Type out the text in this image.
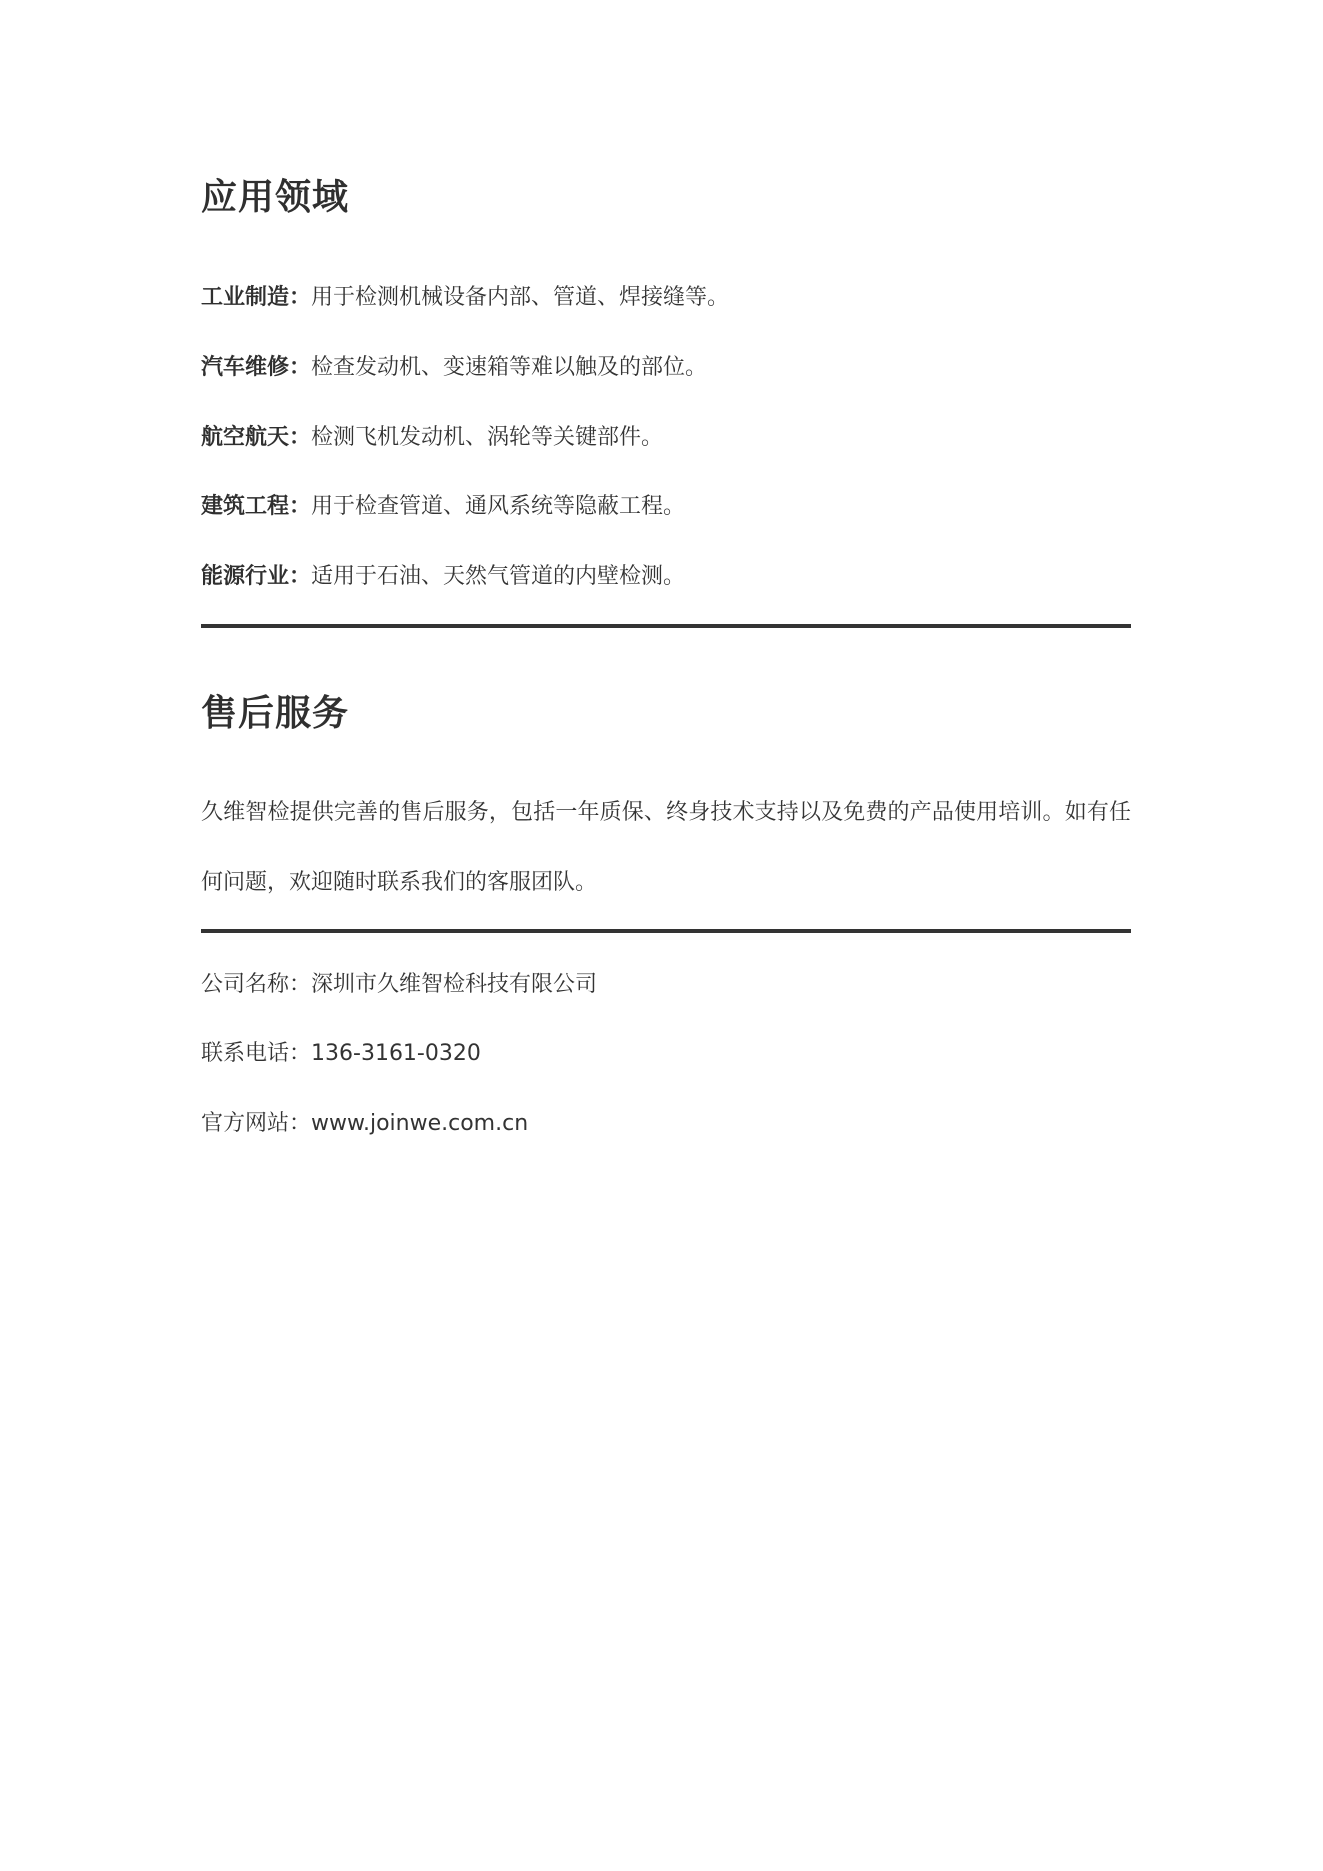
应用领域
工业制造：用于检测机械设备内部、管道、焊接缝等。
汽车维修：检查发动机、变速箱等难以触及的部位。
航空航天：检测飞机发动机、涡轮等关键部件。
建筑工程：用于检查管道、通风系统等隐蔽工程。
能源行业：适用于石油、天然气管道的内壁检测。
售后服务
久维智检提供完善的售后服务，包括一年质保、终身技术支持以及免费的产品使用培训。如有任何问题，欢迎随时联系我们的客服团队。
公司名称：深圳市久维智检科技有限公司
联系电话：136-3161-0320
官方网站：www.joinwe.com.cn
